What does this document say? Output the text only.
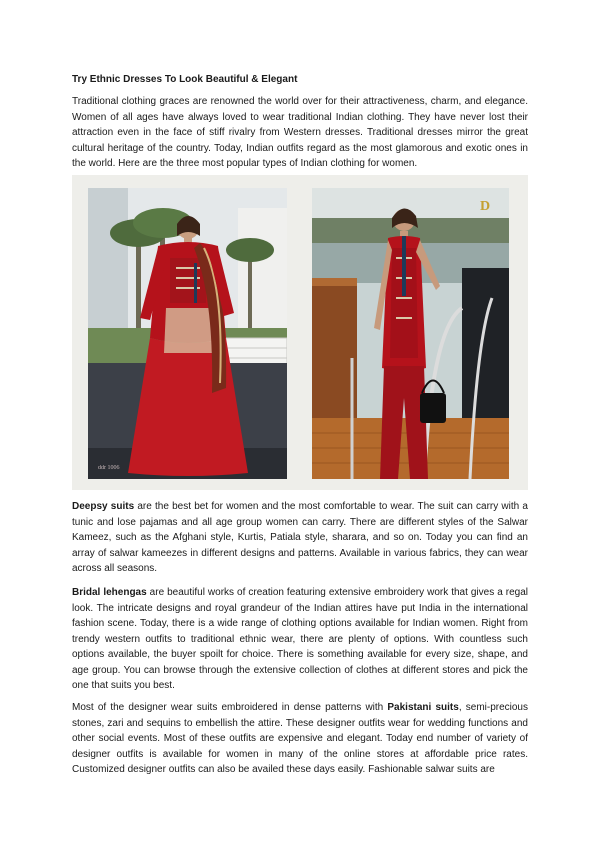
Try Ethnic Dresses To Look Beautiful & Elegant

Traditional clothing graces are renowned the world over for their attractiveness, charm, and elegance. Women of all ages have always loved to wear traditional Indian clothing. They have never lost their attraction even in the face of stiff rivalry from Western dresses. Traditional dresses mirror the great cultural heritage of the country. Today, Indian outfits regard as the most glamorous and exotic ones in the world. Here are the three most popular types of Indian clothing for women.

ddr 1006
D

Deepsy suits are the best bet for women and the most comfortable to wear. The suit can carry with a tunic and lose pajamas and all age group women can carry. There are different styles of the Salwar Kameez, such as the Afghani style, Kurtis, Patiala style, sharara, and so on. Today you can find an array of salwar kameezes in different designs and patterns. Available in various fabrics, they can wear across all seasons.

Bridal lehengas are beautiful works of creation featuring extensive embroidery work that gives a regal look. The intricate designs and royal grandeur of the Indian attires have put India in the international fashion scene. Today, there is a wide range of clothing options available for Indian women. Right from trendy western outfits to traditional ethnic wear, there are plenty of options. With countless such options available, the buyer spoilt for choice. There is something available for every size, shape, and age group. You can browse through the extensive collection of clothes at different stores and pick the one that suits you best.

Most of the designer wear suits embroidered in dense patterns with Pakistani suits, semi-precious stones, zari and sequins to embellish the attire. These designer outfits wear for wedding functions and other social events. Most of these outfits are expensive and elegant. Today end number of variety of designer outfits is available for women in many of the online stores at affordable price rates. Customized designer outfits can also be availed these days easily. Fashionable salwar suits are
